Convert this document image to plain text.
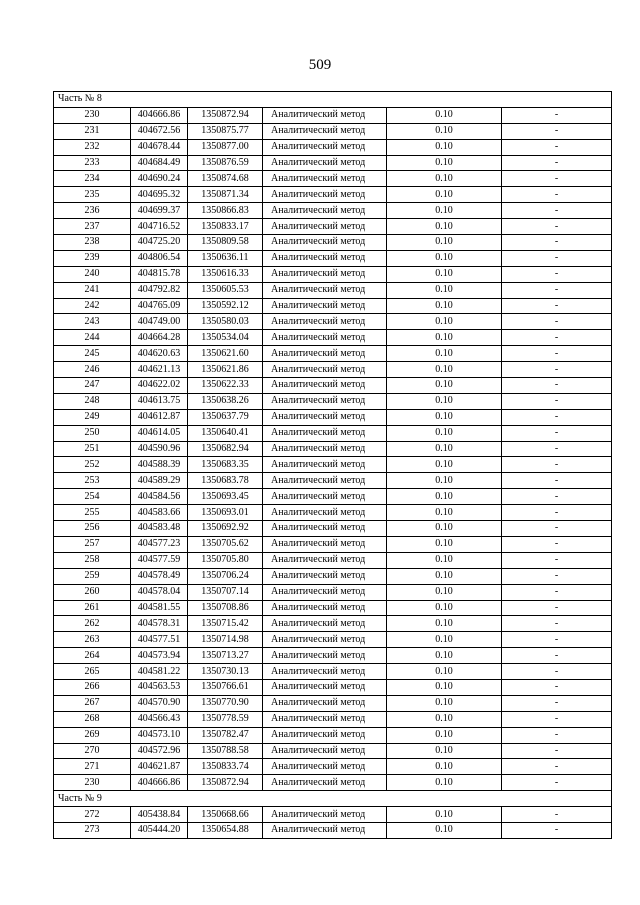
509
Часть № 8					
230	404666.86	1350872.94	Аналитический метод	0.10	-
231	404672.56	1350875.77	Аналитический метод	0.10	-
232	404678.44	1350877.00	Аналитический метод	0.10	-
233	404684.49	1350876.59	Аналитический метод	0.10	-
234	404690.24	1350874.68	Аналитический метод	0.10	-
235	404695.32	1350871.34	Аналитический метод	0.10	-
236	404699.37	1350866.83	Аналитический метод	0.10	-
237	404716.52	1350833.17	Аналитический метод	0.10	-
238	404725.20	1350809.58	Аналитический метод	0.10	-
239	404806.54	1350636.11	Аналитический метод	0.10	-
240	404815.78	1350616.33	Аналитический метод	0.10	-
241	404792.82	1350605.53	Аналитический метод	0.10	-
242	404765.09	1350592.12	Аналитический метод	0.10	-
243	404749.00	1350580.03	Аналитический метод	0.10	-
244	404664.28	1350534.04	Аналитический метод	0.10	-
245	404620.63	1350621.60	Аналитический метод	0.10	-
246	404621.13	1350621.86	Аналитический метод	0.10	-
247	404622.02	1350622.33	Аналитический метод	0.10	-
248	404613.75	1350638.26	Аналитический метод	0.10	-
249	404612.87	1350637.79	Аналитический метод	0.10	-
250	404614.05	1350640.41	Аналитический метод	0.10	-
251	404590.96	1350682.94	Аналитический метод	0.10	-
252	404588.39	1350683.35	Аналитический метод	0.10	-
253	404589.29	1350683.78	Аналитический метод	0.10	-
254	404584.56	1350693.45	Аналитический метод	0.10	-
255	404583.66	1350693.01	Аналитический метод	0.10	-
256	404583.48	1350692.92	Аналитический метод	0.10	-
257	404577.23	1350705.62	Аналитический метод	0.10	-
258	404577.59	1350705.80	Аналитический метод	0.10	-
259	404578.49	1350706.24	Аналитический метод	0.10	-
260	404578.04	1350707.14	Аналитический метод	0.10	-
261	404581.55	1350708.86	Аналитический метод	0.10	-
262	404578.31	1350715.42	Аналитический метод	0.10	-
263	404577.51	1350714.98	Аналитический метод	0.10	-
264	404573.94	1350713.27	Аналитический метод	0.10	-
265	404581.22	1350730.13	Аналитический метод	0.10	-
266	404563.53	1350766.61	Аналитический метод	0.10	-
267	404570.90	1350770.90	Аналитический метод	0.10	-
268	404566.43	1350778.59	Аналитический метод	0.10	-
269	404573.10	1350782.47	Аналитический метод	0.10	-
270	404572.96	1350788.58	Аналитический метод	0.10	-
271	404621.87	1350833.74	Аналитический метод	0.10	-
230	404666.86	1350872.94	Аналитический метод	0.10	-
Часть № 9					
272	405438.84	1350668.66	Аналитический метод	0.10	-
273	405444.20	1350654.88	Аналитический метод	0.10	-
